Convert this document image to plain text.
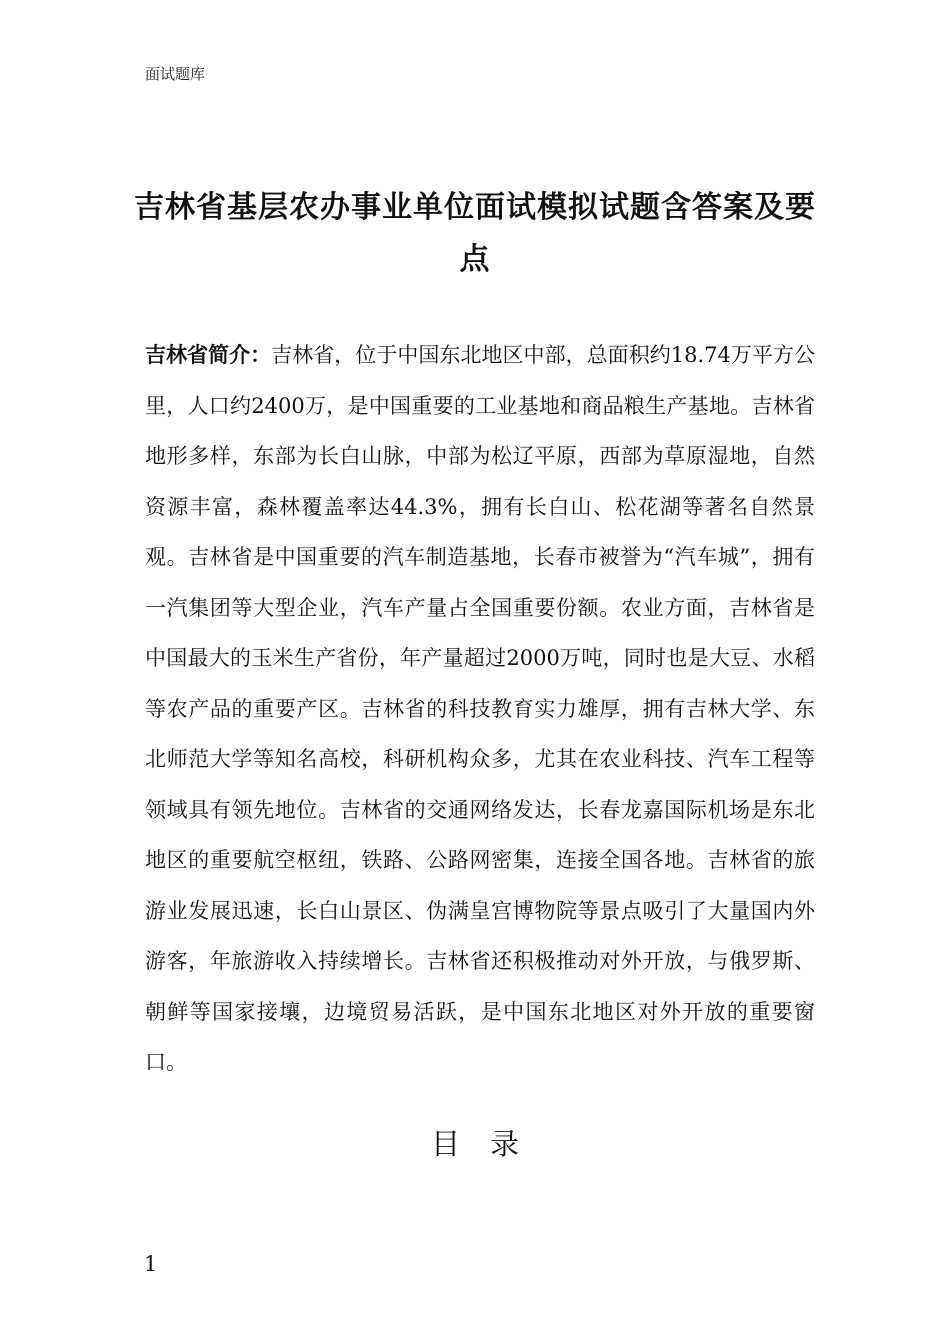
面试题库
吉林省基层农办事业单位面试模拟试题含答案及要点
吉林省简介：吉林省，位于中国东北地区中部，总面积约18.74万平方公里，人口约2400万，是中国重要的工业基地和商品粮生产基地。吉林省地形多样，东部为长白山脉，中部为松辽平原，西部为草原湿地，自然资源丰富，森林覆盖率达44.3%，拥有长白山、松花湖等著名自然景观。吉林省是中国重要的汽车制造基地，长春市被誉为“汽车城”，拥有一汽集团等大型企业，汽车产量占全国重要份额。农业方面，吉林省是中国最大的玉米生产省份，年产量超过2000万吨，同时也是大豆、水稻等农产品的重要产区。吉林省的科技教育实力雄厚，拥有吉林大学、东北师范大学等知名高校，科研机构众多，尤其在农业科技、汽车工程等领域具有领先地位。吉林省的交通网络发达，长春龙嘉国际机场是东北地区的重要航空枢纽，铁路、公路网密集，连接全国各地。吉林省的旅游业发展迅速，长白山景区、伪满皇宫博物院等景点吸引了大量国内外游客，年旅游收入持续增长。吉林省还积极推动对外开放，与俄罗斯、朝鲜等国家接壤，边境贸易活跃，是中国东北地区对外开放的重要窗口。
目录
1
